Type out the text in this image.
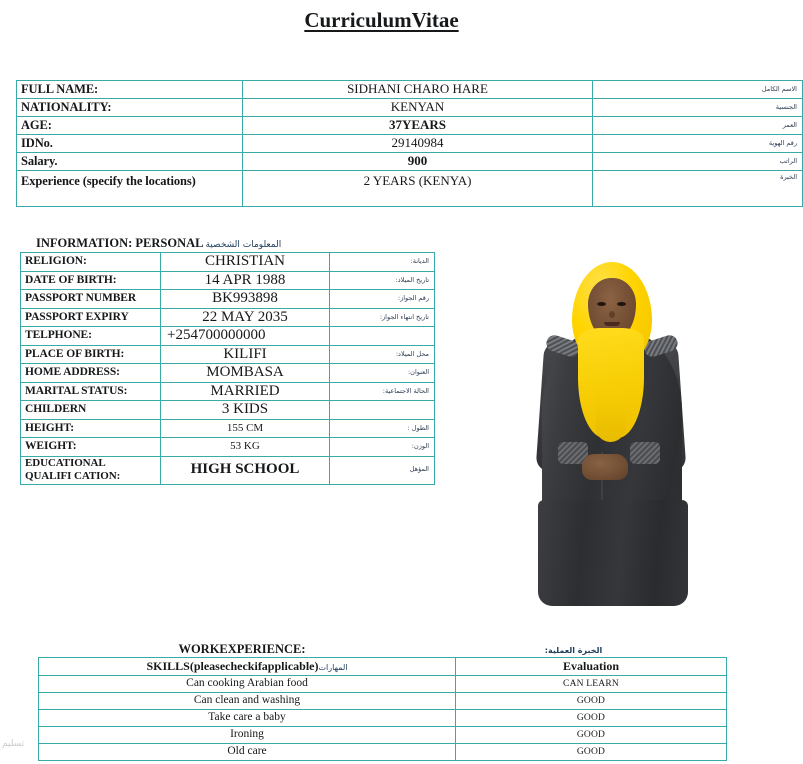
CurriculumVitae
FULL NAME:	SIDHANI CHARO HARE	الاسم الكامل
NATIONALITY:	KENYAN	الجنسية
AGE:	37YEARS	العمر
IDNo.	29140984	رقم الهوية
Salary.	900	الراتب
Experience (specify the locations)	2 YEARS (KENYA)	الخبرة
INFORMATION: PERSONAL المعلومات الشخصية
RELIGION:	CHRISTIAN	الديانة:
DATE OF BIRTH:	14 APR 1988	تاريخ الميلاد:
PASSPORT NUMBER	BK993898	رقم الجواز:
PASSPORT EXPIRY	22 MAY 2035	تاريخ انتهاء الجواز:
TELPHONE:	+254700000000	
PLACE OF BIRTH:	KILIFI	محل الميلاد:
HOME ADDRESS:	MOMBASA	العنوان:
MARITAL STATUS:	MARRIED	الحالة الاجتماعية:
CHILDERN	3 KIDS	
HEIGHT:	155 CM	الطول :
WEIGHT:	53 KG	الوزن:
EDUCATIONAL
QUALIFI CATION:	HIGH SCHOOL	المؤهل
WORKEXPERIENCE:	الخبرة العملية:
SKILLS(pleasecheckifapplicable)المهارات	Evaluation
Can cooking Arabian food	CAN LEARN
Can clean and washing	GOOD
Take care a baby	GOOD
Ironing	GOOD
Old care	GOOD
تسليم
